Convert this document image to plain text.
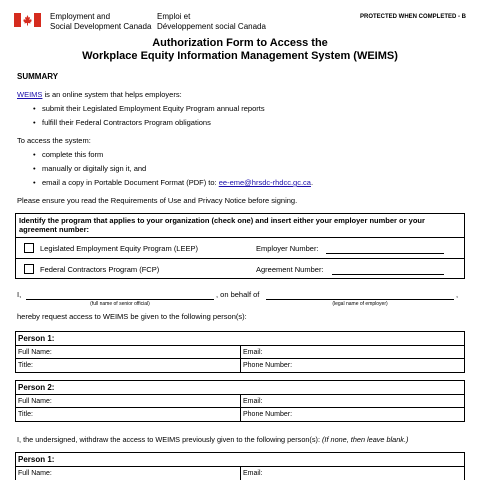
Employment and
Social Development Canada
Emploi et
Développement social Canada
PROTECTED WHEN COMPLETED - B
Authorization Form to Access the
Workplace Equity Information Management System (WEIMS)
SUMMARY
WEIMS is an online system that helps employers:
• submit their Legislated Employment Equity Program annual reports
• fulfill their Federal Contractors Program obligations
To access the system:
• complete this form
• manually or digitally sign it, and
• email a copy in Portable Document Format (PDF) to: ee-eme@hrsdc-rhdcc.gc.ca.
Please ensure you read the Requirements of Use and Privacy Notice before signing.
Identify the program that applies to your organization (check one) and insert either your employer number or your agreement number:
Legislated Employment Equity Program (LEEP)	Employer Number:
Federal Contractors Program (FCP)	Agreement Number:
I,	, on behalf of	,
(full name of senior official)	(legal name of employer)
hereby request access to WEIMS be given to the following person(s):
Person 1:
Full Name:	Email:
Title:	Phone Number:
Person 2:
Full Name:	Email:
Title:	Phone Number:
I, the undersigned, withdraw the access to WEIMS previously given to the following person(s): (If none, then leave blank.)
Person 1:
Full Name:	Email:
